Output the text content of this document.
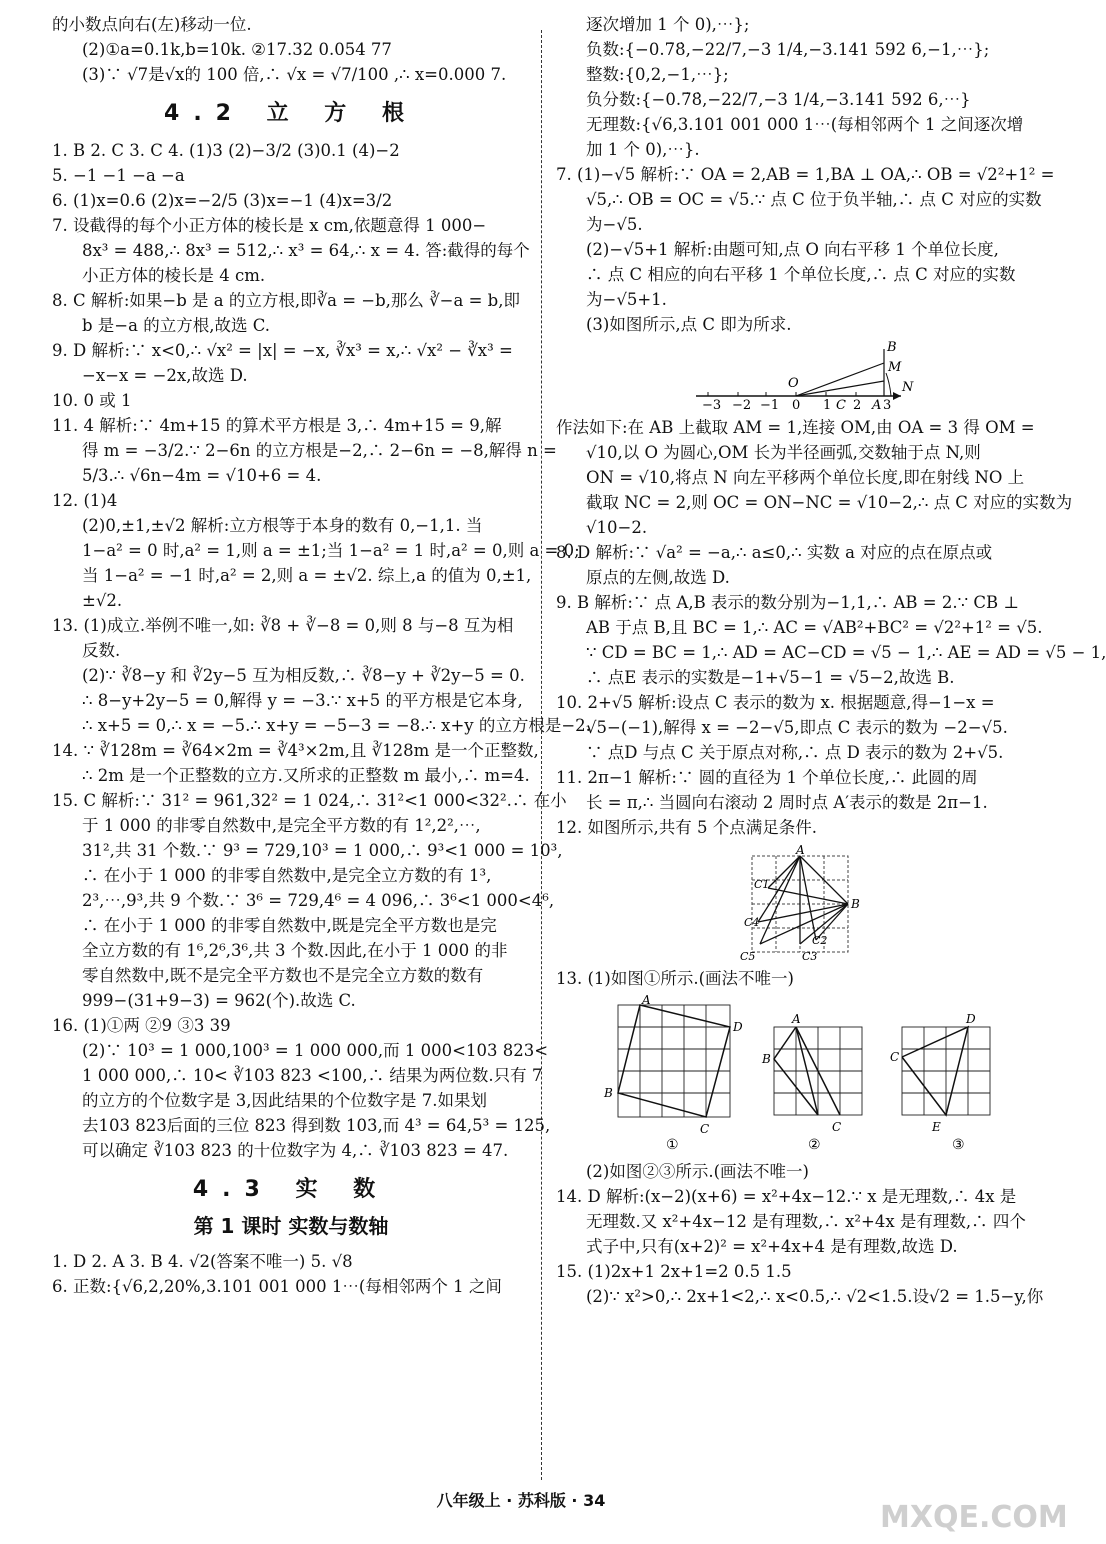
的小数点向右(左)移动一位.
(2)①a=0.1k,b=10k. ②17.32 0.054 77
(3)∵ √7是√x的 100 倍,∴ √x = √7/100 ,∴ x=0.000 7.
4.2 立 方 根
1. B 2. C 3. C 4. (1)3 (2)−3/2 (3)0.1 (4)−2
5. −1 −1 −a −a
6. (1)x=0.6 (2)x=−2/5 (3)x=−1 (4)x=3/2
7. 设截得的每个小正方体的棱长是 x cm,依题意得 1 000−
8x³ = 488,∴ 8x³ = 512,∴ x³ = 64,∴ x = 4. 答:截得的每个
小正方体的棱长是 4 cm.
8. C 解析:如果−b 是 a 的立方根,即∛a = −b,那么 ∛−a = b,即
b 是−a 的立方根,故选 C.
9. D 解析:∵ x<0,∴ √x² = |x| = −x, ∛x³ = x,∴ √x² − ∛x³ =
−x−x = −2x,故选 D.
10. 0 或 1
11. 4 解析:∵ 4m+15 的算术平方根是 3,∴ 4m+15 = 9,解
得 m = −3/2.∵ 2−6n 的立方根是−2,∴ 2−6n = −8,解得 n =
5/3.∴ √6n−4m = √10+6 = 4.
12. (1)4
(2)0,±1,±√2 解析:立方根等于本身的数有 0,−1,1. 当
1−a² = 0 时,a² = 1,则 a = ±1;当 1−a² = 1 时,a² = 0,则 a = 0;
当 1−a² = −1 时,a² = 2,则 a = ±√2. 综上,a 的值为 0,±1,
±√2.
13. (1)成立.举例不唯一,如: ∛8 + ∛−8 = 0,则 8 与−8 互为相
反数.
(2)∵ ∛8−y 和 ∛2y−5 互为相反数,∴ ∛8−y + ∛2y−5 = 0.
∴ 8−y+2y−5 = 0,解得 y = −3.∵ x+5 的平方根是它本身,
∴ x+5 = 0,∴ x = −5.∴ x+y = −5−3 = −8.∴ x+y 的立方根是−2.
14. ∵ ∛128m = ∛64×2m = ∛4³×2m,且 ∛128m 是一个正整数,
∴ 2m 是一个正整数的立方.又所求的正整数 m 最小,∴ m=4.
15. C 解析:∵ 31² = 961,32² = 1 024,∴ 31²<1 000<32².∴ 在小
于 1 000 的非零自然数中,是完全平方数的有 1²,2²,⋯,
31²,共 31 个数.∵ 9³ = 729,10³ = 1 000,∴ 9³<1 000 = 10³,
∴ 在小于 1 000 的非零自然数中,是完全立方数的有 1³,
2³,⋯,9³,共 9 个数.∵ 3⁶ = 729,4⁶ = 4 096,∴ 3⁶<1 000<4⁶,
∴ 在小于 1 000 的非零自然数中,既是完全平方数也是完
全立方数的有 1⁶,2⁶,3⁶,共 3 个数.因此,在小于 1 000 的非
零自然数中,既不是完全平方数也不是完全立方数的数有
999−(31+9−3) = 962(个).故选 C.
16. (1)①两 ②9 ③3 39
(2)∵ 10³ = 1 000,100³ = 1 000 000,而 1 000<103 823<
1 000 000,∴ 10< ∛103 823 <100,∴ 结果为两位数.只有 7
的立方的个位数字是 3,因此结果的个位数字是 7.如果划
去103 823后面的三位 823 得到数 103,而 4³ = 64,5³ = 125,
可以确定 ∛103 823 的十位数字为 4,∴ ∛103 823 = 47.
4.3 实 数
第 1 课时 实数与数轴
1. D 2. A 3. B 4. √2(答案不唯一) 5. √8
6. 正数:{√6,2,20%,3.101 001 000 1⋯(每相邻两个 1 之间
逐次增加 1 个 0),⋯};
负数:{−0.7̇8̇,−22/7,−3 1/4,−3.141 592 6,−1,⋯};
整数:{0,2,−1,⋯};
负分数:{−0.7̇8̇,−22/7,−3 1/4,−3.141 592 6,⋯}
无理数:{√6,3.101 001 000 1⋯(每相邻两个 1 之间逐次增
加 1 个 0),⋯}.
7. (1)−√5 解析:∵ OA = 2,AB = 1,BA ⊥ OA,∴ OB = √2²+1² =
√5,∴ OB = OC = √5.∵ 点 C 位于负半轴,∴ 点 C 对应的实数
为−√5.
(2)−√5+1 解析:由题可知,点 O 向右平移 1 个单位长度,
∴ 点 C 相应的向右平移 1 个单位长度,∴ 点 C 对应的实数
为−√5+1.
(3)如图所示,点 C 即为所求.
−3 −2 −1 0 1 C 2 A 3
B
M
O	N
作法如下:在 AB 上截取 AM = 1,连接 OM,由 OA = 3 得 OM =
√10,以 O 为圆心,OM 长为半径画弧,交数轴于点 N,则
ON = √10,将点 N 向左平移两个单位长度,即在射线 NO 上
截取 NC = 2,则 OC = ON−NC = √10−2,∴ 点 C 对应的实数为
√10−2.
8. D 解析:∵ √a² = −a,∴ a≤0,∴ 实数 a 对应的点在原点或
原点的左侧,故选 D.
9. B 解析:∵ 点 A,B 表示的数分别为−1,1,∴ AB = 2.∵ CB ⊥
AB 于点 B,且 BC = 1,∴ AC = √AB²+BC² = √2²+1² = √5.
∵ CD = BC = 1,∴ AD = AC−CD = √5 − 1,∴ AE = AD = √5 − 1,
∴ 点E 表示的实数是−1+√5−1 = √5−2,故选 B.
10. 2+√5 解析:设点 C 表示的数为 x. 根据题意,得−1−x =
√5−(−1),解得 x = −2−√5,即点 C 表示的数为 −2−√5.
∵ 点D 与点 C 关于原点对称,∴ 点 D 表示的数为 2+√5.
11. 2π−1 解析:∵ 圆的直径为 1 个单位长度,∴ 此圆的周
长 = π,∴ 当圆向右滚动 2 周时点 A′表示的数是 2π−1.
12. 如图所示,共有 5 个点满足条件.
A
B
C1
C2
C3
C4
C5
13. (1)如图①所示.(画法不唯一)
A
B
C
D
①
A
B
C
②
C
D
E
③
(2)如图②③所示.(画法不唯一)
14. D 解析:(x−2)(x+6) = x²+4x−12.∵ x 是无理数,∴ 4x 是
无理数.又 x²+4x−12 是有理数,∴ x²+4x 是有理数,∴ 四个
式子中,只有(x+2)² = x²+4x+4 是有理数,故选 D.
15. (1)2x+1 2x+1=2 0.5 1.5
(2)∵ x²>0,∴ 2x+1<2,∴ x<0.5,∴ √2<1.5.设√2 = 1.5−y,你
八年级上 · 苏科版 · 34	MXQE.COM
